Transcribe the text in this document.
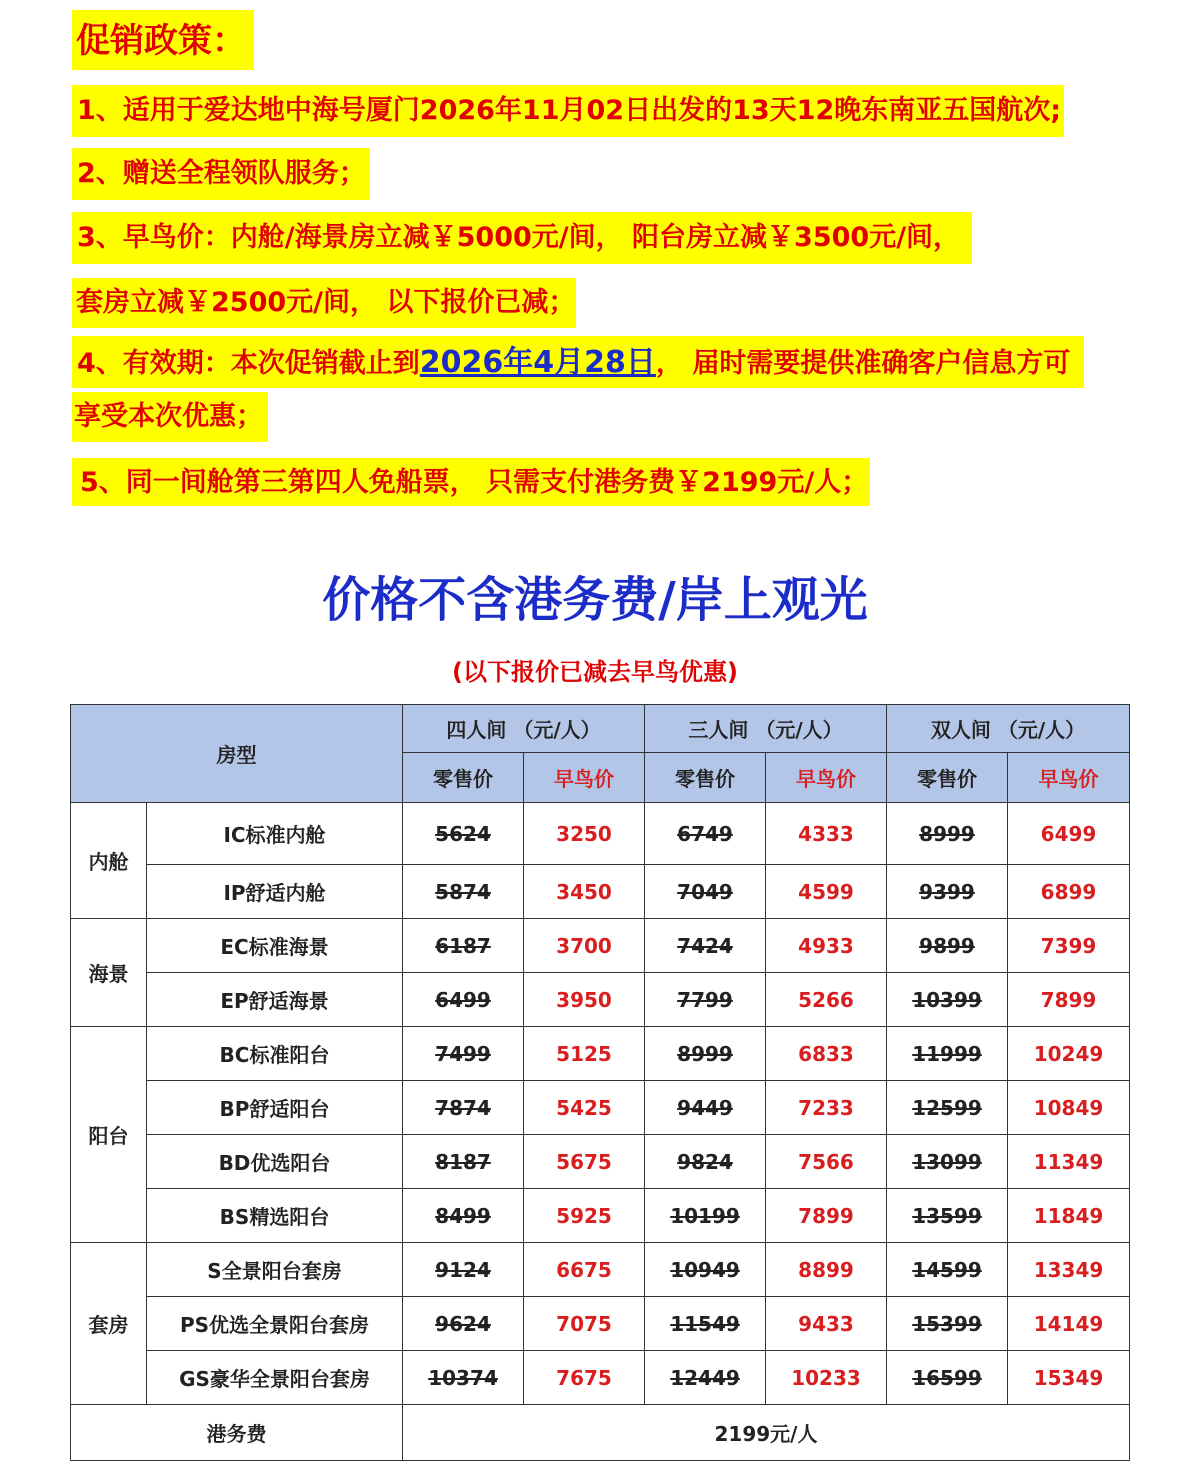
促销政策：
1、适用于爱达地中海号厦门2026年11月02日出发的13天12晚东南亚五国航次;
2、赠送全程领队服务；
3、早鸟价：内舱/海景房立减￥5000元/间， 阳台房立减￥3500元/间，
套房立减￥2500元/间， 以下报价已减；
4、有效期：本次促销截止到2026年4月28日， 届时需要提供准确客户信息方可
享受本次优惠；
5、同一间舱第三第四人免船票， 只需支付港务费￥2199元/人；
价格不含港务费/岸上观光
(以下报价已减去早鸟优惠)
房型		四人间 （元/人）		三人间 （元/人）		双人间 （元/人）	
		零售价	早鸟价	零售价	早鸟价	零售价	早鸟价
内舱	IC标准内舱	5624	3250	6749	4333	8999	6499
	IP舒适内舱	5874	3450	7049	4599	9399	6899
海景	EC标准海景	6187	3700	7424	4933	9899	7399
	EP舒适海景	6499	3950	7799	5266	10399	7899
阳台	BC标准阳台	7499	5125	8999	6833	11999	10249
	BP舒适阳台	7874	5425	9449	7233	12599	10849
	BD优选阳台	8187	5675	9824	7566	13099	11349
	BS精选阳台	8499	5925	10199	7899	13599	11849
套房	S全景阳台套房	9124	6675	10949	8899	14599	13349
	PS优选全景阳台套房	9624	7075	11549	9433	15399	14149
	GS豪华全景阳台套房	10374	7675	12449	10233	16599	15349
港务费		2199元/人					
